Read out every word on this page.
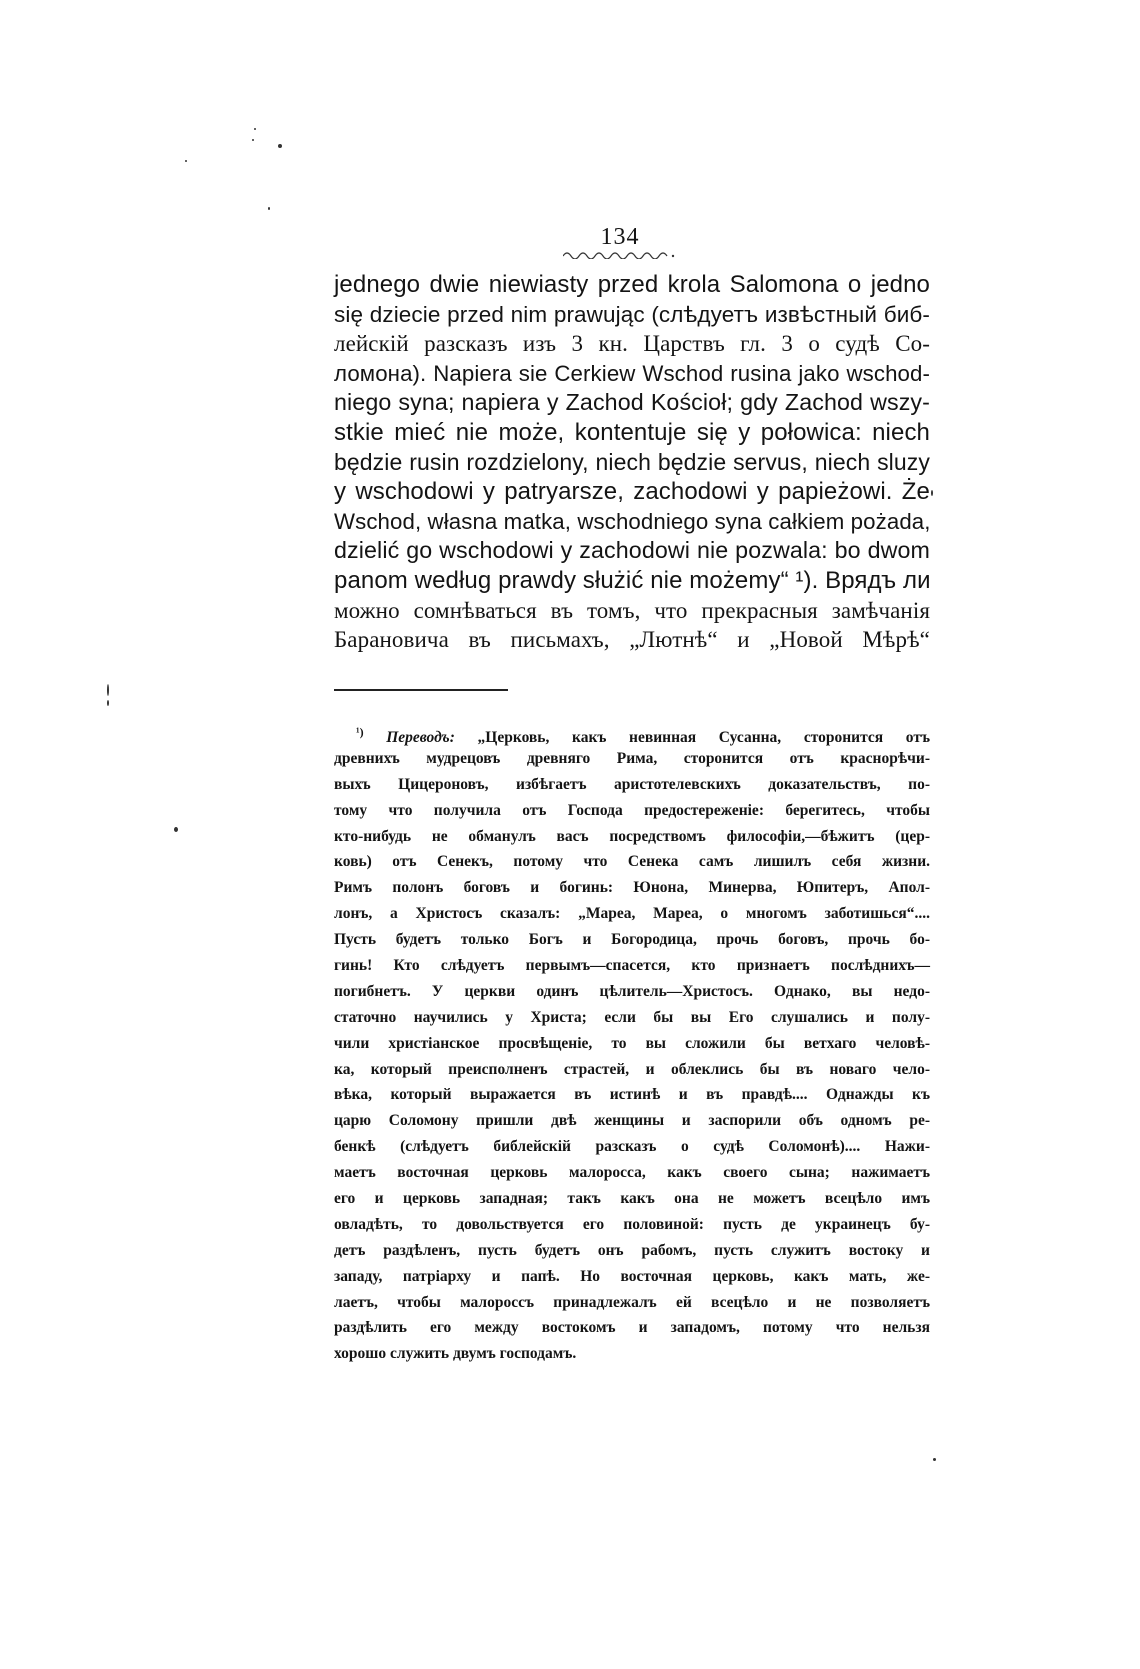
134
jednego dwie niewiasty przed krola Salomona o jedno
się dziecie przed nim prawując (слѣдуетъ извѣстный биб-
лейскій разсказъ изъ 3 кн. Царствъ гл. 3 о судѣ Со-
ломона). Napiera sie Cerkiew Wschod rusina jako wschod-
niego syna; napiera y Zachod Kościoł; gdy Zachod wszy-
stkie mieć nie może, kontentuje się y połowica: niech
będzie rusin rozdzielony, niech będzie servus, niech sluzy
y wschodowi y patryarsze, zachodowi y papieżowi. Że
Wschod, własna matka, wschodniego syna całkiem pożada,
dzielić go wschodowi y zachodowi nie pozwala: bo dwom
panom według prawdy służić nie możemy“ ¹). Врядъ ли
можно сомнѣваться въ томъ, что прекрасныя замѣчанія
Барановича въ письмахъ, „Лютнѣ“ и „Новой Мѣрѣ“
$^{^1)}$ Переводъ: „Церковь, какъ невинная Сусанна, сторонится отъ
древнихъ мудрецовъ древняго Рима, сторонится отъ краснорѣчи-
выхъ Цицероновъ, избѣгаетъ аристотелевскихъ доказательствъ, по-
тому что получила отъ Господа предостереженіе: берегитесь, чтобы
кто-нибудь не обманулъ васъ посредствомъ философіи,—бѣжитъ (цер-
ковь) отъ Сенекъ, потому что Сенека самъ лишилъ себя жизни.
Римъ полонъ боговъ и богинь: Юнона, Минерва, Юпитеръ, Апол-
лонъ, а Христосъ сказалъ: „Мареа, Мареа, о многомъ заботишься“....
Пусть будетъ только Богъ и Богородица, прочь боговъ, прочь бо-
гинь! Кто слѣдуетъ первымъ—спасется, кто признаетъ послѣднихъ—
погибнетъ. У церкви одинъ цѣлитель—Христосъ. Однако, вы недо-
статочно научились у Христа; если бы вы Его слушались и полу-
чили христіанское просвѣщеніе, то вы сложили бы ветхаго человѣ-
ка, который преисполненъ страстей, и облеклись бы въ новаго чело-
вѣка, который выражается въ истинѣ и въ правдѣ.... Однажды къ
царю Соломону пришли двѣ женщины и заспорили объ одномъ ре-
бенкѣ (слѣдуетъ библейскій разсказъ о судѣ Соломонѣ).... Нажи-
маетъ восточная церковь малоросса, какъ своего сына; нажимаетъ
его и церковь западная; такъ какъ она не можетъ всецѣло имъ
овладѣть, то довольствуется его половиной: пусть де украинецъ бу-
детъ раздѣленъ, пусть будетъ онъ рабомъ, пусть служитъ востоку и
западу, патріарху и папѣ. Но восточная церковь, какъ мать, же-
лаетъ, чтобы малороссъ принадлежалъ ей всецѣло и не позволяетъ
раздѣлить его между востокомъ и западомъ, потому что нельзя
хорошо служить двумъ господамъ.
